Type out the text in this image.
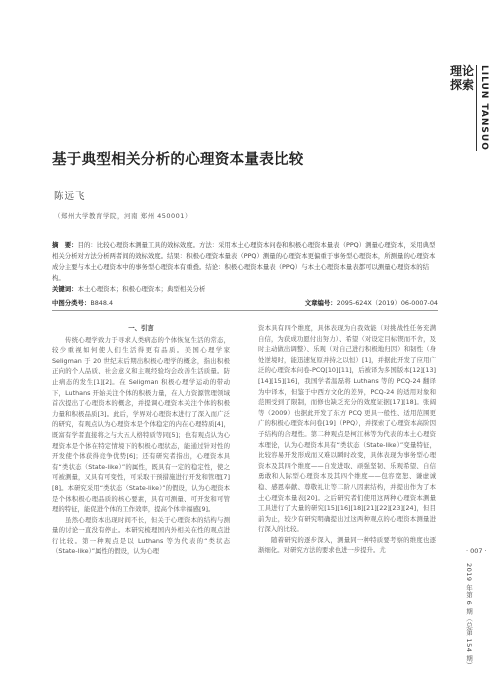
理论探索 LILUN TANSUO
基于典型相关分析的心理资本量表比较
陈远飞
（郑州大学教育学院，河南 郑州 450001）

摘　要：目的：比较心理资本测量工具的效标效度。方法：采用本土心理资本问卷和积极心理资本量表（PPQ）测量心理资本，采用典型相关分析对方法分析两者间的效标效度。结果：积极心理资本量表（PPQ）测量的心理资本更偏重于事务型心理资本，所测量的心理资本成分主要与本土心理资本中的事务型心理资本有重叠。结论：积极心理资本量表（PPQ）与本土心理资本量表都可以测量心理资本的结构。

关键词：本土心理资本；积极心理资本；典型相关分析

中图分类号：B848.4	文章编号：2095-624X（2019）06-0007-04

一、引言

传统心理学致力于寻求人类病态的个体恢复生活的常态，较少重视如何使人们生活得更有品质。美国心理学家 Seligman 于 20 世纪末后期出积极心理学的概念，指出积极正向的个人品质、社会意义和主观经验均会改善生活质量。防止病态的发生[1][2]。在 Seligman 积极心理学运动的带动下，Luthans 开始关注个体的积极力量，在人力资源管理领域首次提出了心理资本的概念，并提调心理资本关注个体的积极力量和积极品质[3]。此后，学界对心理资本进行了深入而广泛的研究，有观点认为心理资本是个体稳定的内在心理特质[4]，既富有学者直接将之与大五人格特质等同[5]；也有观点认为心理资本是个体在特定情境下的积极心理状态，能通过针对性的开发使个体获得竞争优势[6]；还有研究者指出，心理资本具有“类状态（State-like）”的属性，既具有一定的稳定性，使之可被测量，又具有可变性，可采取干预措施进行开发和管理[7][8]。本研究采用“类状态（State-like）”的假设，认为心理资本是个体积极心理品质的核心要素，具有可测量、可开发和可管理的特征，能促进个体的工作效率，提高个体幸福感[9]。

虽然心理资本出现时间不长，但关于心理资本的结构与测量的讨论一直没有停止。本研究梳理国内外相关在性的观点进行比较。第一种观点是以 Luthans 等为代表的“类状态（State-like）”属性的假设，认为心理

资本具有四个维度，具体表现为自我效能（对挑战性任务充满自信，为获成功愿付出努力）、希望（对设定目标锲而不舍，及时主动做出调整）、乐观（对自己进行积极地归因）和韧性（身处逆境时，能迅速复原并持之以恒）[1]，并据此开发了应用广泛的心理资本问卷-PCQ[10][11]，后被译为多国版本[12][13][14][15][16]，我国学者温磊将 Luthans 等的 PCQ-24 翻译为中译本，但鉴于中西方文化的差异，PCQ-24 的适用对象和范围受到了限制，而修也缺乏充分的效度证据[17][18]。张阔等（2009）也据此开发了东方 PCQ 更具一般性、适用范围更广的积极心理资本问卷[19]（PPQ），并探索了心理资本高阶因子结构的合理性。第二种观点是柯江林等为代表的本土心理资本理论，认为心理资本具有“类状态（State-like）”变量特征，比较容易开发形成而又难以瞬时改变，具体表现为事务型心理资本及其四个维度——自发进取、顽强坚韧、乐观希望、自信勇敢和人际型心理资本及其四个维度——包容宽恕、谦虚诚稳、感恩奉献、尊敬礼让等二阶八因素结构，并提出作为了本土心理资本量表[20]。之后研究者们使用这两种心理资本测量工具进行了大量的研究[15][16][18][21][22][23][24]，但目前为止，较少有研究明确提出过这两种观点的心理资本测量进行深入的比较。

随着研究的逐步深入，测量同一种特质要考察的维度也逐渐细化。对研究方法的要求也进一步提升。尤	· 007 ·
2019 年第 6 期（总第 154 期）
